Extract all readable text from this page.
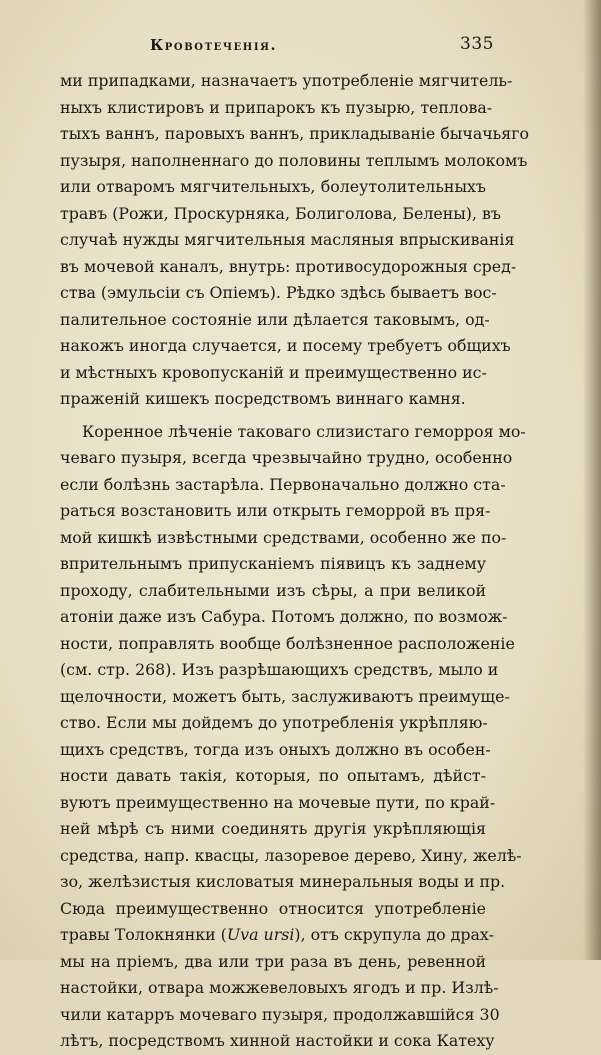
Кровотеченія.	335

ми припадками, назначаетъ употребленіе мягчитель-
ныхъ клистировъ и припарокъ къ пузырю, теплова-
тыхъ ваннъ, паровыхъ ваннъ, прикладываніе бычачьяго
пузыря, наполненнаго до половины теплымъ молокомъ
или отваромъ мягчительныхъ, болеутолительныхъ
травъ (Рожи, Проскурняка, Болиголова, Белены), въ
случаѣ нужды мягчительныя масляныя впрыскиванія
въ мочевой каналъ, внутрь: противосудорожныя сред-
ства (эмульсіи съ Опіемъ). Рѣдко здѣсь бываетъ вос-
палительное состояніе или дѣлается таковымъ, од-
накожъ иногда случается, и посему требуетъ общихъ
и мѣстныхъ кровопусканій и преимущественно ис-
праженій кишекъ посредствомъ виннаго камня.

Коренное лѣченіе таковаго слизистаго геморроя мо-
чеваго пузыря, всегда чрезвычайно трудно, особенно
если болѣзнь застарѣла. Первоначально должно ста-
раться возстановить или открыть геморрой въ пря-
мой кишкѣ извѣстными средствами, особенно же по-
впрительнымъ припусканіемъ піявицъ къ заднему
проходу, слабительными изъ сѣры, а при великой
атоніи даже изъ Сабура. Потомъ должно, по возмож-
ности, поправлять вообще болѣзненное расположеніе
(см. стр. 268). Изъ разрѣшающихъ средствъ, мыло и
щелочности, можетъ быть, заслуживаютъ преимуще-
ство. Если мы дойдемъ до употребленія укрѣпляю-
щихъ средствъ, тогда изъ оныхъ должно въ особен-
ности давать такія, которыя, по опытамъ, дѣйст-
вуютъ преимущественно на мочевые пути, по край-
ней мѣрѣ съ ними соединять другія укрѣпляющія
средства, напр. квасцы, лазоревое дерево, Хину, желѣ-
зо, желѣзистыя кисловатыя минеральныя воды и пр.
Сюда преимущественно относится употребленіе
травы Толокнянки (Uva ursi), отъ скрупула до драх-
мы на пріемъ, два или три раза въ день, ревенной
настойки, отвара можжевеловыхъ ягодъ и пр. Излѣ-
чили катарръ мочеваго пузыря, продолжавшійся 30
лѣтъ, посредствомъ хинной настойки и сока Катеху
